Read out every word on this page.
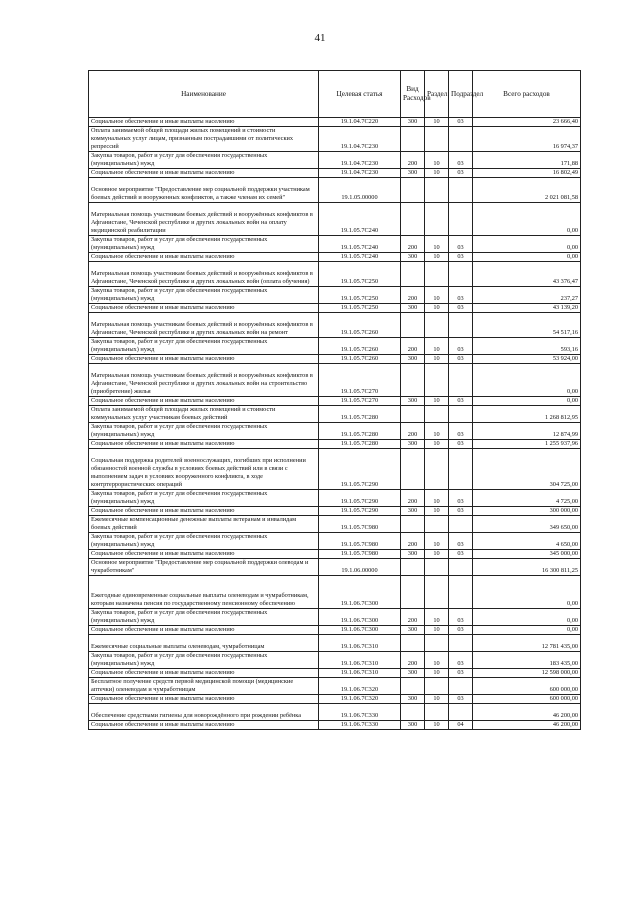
41
Наименование	Целевая статья	Вид Расходов	Раздел	Подраздел	Всего расходов
Социальное обеспечение и иные выплаты населению	19.1.04.7С220	300	10	03	23 666,40
Оплата занимаемой общей площади жилых помещений и стоимости коммунальных услуг лицам, признанным пострадавшими от политических репрессий	19.1.04.7С230				16 974,37
Закупка товаров, работ и услуг для обеспечения государственных (муниципальных) нужд	19.1.04.7С230	200	10	03	171,88
Социальное обеспечение и иные выплаты населению	19.1.04.7С230	300	10	03	16 802,49
Основное мероприятие "Предоставление мер социальной поддержки участникам боевых действий и вооруженных конфликтов, а также членам их семей"	19.1.05.00000				2 021 081,58
Материальная помощь участникам боевых действий и вооружённых конфликтов в Афганистане, Чеченской республике и других локальных войн на оплату медицинской реабилитации	19.1.05.7С240				0,00
Закупка товаров, работ и услуг для обеспечения государственных (муниципальных) нужд	19.1.05.7С240	200	10	03	0,00
Социальное обеспечение и иные выплаты населению	19.1.05.7С240	300	10	03	0,00
Материальная помощь участникам боевых действий и вооружённых конфликтов в Афганистане, Чеченской республике и других локальных войн (оплата обучения)	19.1.05.7С250				43 376,47
Закупка товаров, работ и услуг для обеспечения государственных (муниципальных) нужд	19.1.05.7С250	200	10	03	237,27
Социальное обеспечение и иные выплаты населению	19.1.05.7С250	300	10	03	43 139,20
Материальная помощь участникам боевых действий и вооружённых конфликтов в Афганистане, Чеченской республике и других локальных войн на ремонт	19.1.05.7С260				54 517,16
Закупка товаров, работ и услуг для обеспечения государственных (муниципальных) нужд	19.1.05.7С260	200	10	03	593,16
Социальное обеспечение и иные выплаты населению	19.1.05.7С260	300	10	03	53 924,00
Материальная помощь участникам боевых действий и вооружённых конфликтов в Афганистане, Чеченской республике и других локальных войн на строительство (приобретение) жилья	19.1.05.7С270				0,00
Социальное обеспечение и иные выплаты населению	19.1.05.7С270	300	10	03	0,00
Оплата занимаемой общей площади жилых помещений и стоимости коммунальных услуг участникам боевых действий	19.1.05.7С280				1 268 812,95
Закупка товаров, работ и услуг для обеспечения государственных (муниципальных) нужд	19.1.05.7С280	200	10	03	12 874,99
Социальное обеспечение и иные выплаты населению	19.1.05.7С280	300	10	03	1 255 937,96
Социальная поддержка родителей военнослужащих, погибших при исполнении обязанностей военной службы в условиях боевых действий или в связи с выполнением задач в условиях вооруженного конфликта, в ходе контртеррористических операций	19.1.05.7С290				304 725,00
Закупка товаров, работ и услуг для обеспечения государственных (муниципальных) нужд	19.1.05.7С290	200	10	03	4 725,00
Социальное обеспечение и иные выплаты населению	19.1.05.7С290	300	10	03	300 000,00
Ежемесячные компенсационные денежные выплаты ветеранам и инвалидам боевых действий	19.1.05.7С980				349 650,00
Закупка товаров, работ и услуг для обеспечения государственных (муниципальных) нужд	19.1.05.7С980	200	10	03	4 650,00
Социальное обеспечение и иные выплаты населению	19.1.05.7С980	300	10	03	345 000,00
Основное мероприятие "Предоставление мер социальной поддержки олеводам и чукработникам"	19.1.06.00000				16 300 811,25
Ежегодные единовременные социальные выплаты оленеводам и чумработникам, которым назначена пенсия по государственному пенсионному обеспечению	19.1.06.7С300				0,00
Закупка товаров, работ и услуг для обеспечения государственных (муниципальных) нужд	19.1.06.7С300	200	10	03	0,00
Социальное обеспечение и иные выплаты населению	19.1.06.7С300	300	10	03	0,00
Ежемесячные социальные выплаты оленеводам, чумработницам	19.1.06.7С310				12 781 435,00
Закупка товаров, работ и услуг для обеспечения государственных (муниципальных) нужд	19.1.06.7С310	200	10	03	183 435,00
Социальное обеспечение и иные выплаты населению	19.1.06.7С310	300	10	03	12 598 000,00
Бесплатное получение средств первой медицинской помощи (медицинские аптечки) оленеводам и чумработницам	19.1.06.7С320				600 000,00
Социальное обеспечение и иные выплаты населению	19.1.06.7С320	300	10	03	600 000,00
Обеспечение средствами гигиены для новорождённого при рождении ребёнка	19.1.06.7С330				46 200,00
Социальное обеспечение и иные выплаты населению	19.1.06.7С330	300	10	04	46 200,00
